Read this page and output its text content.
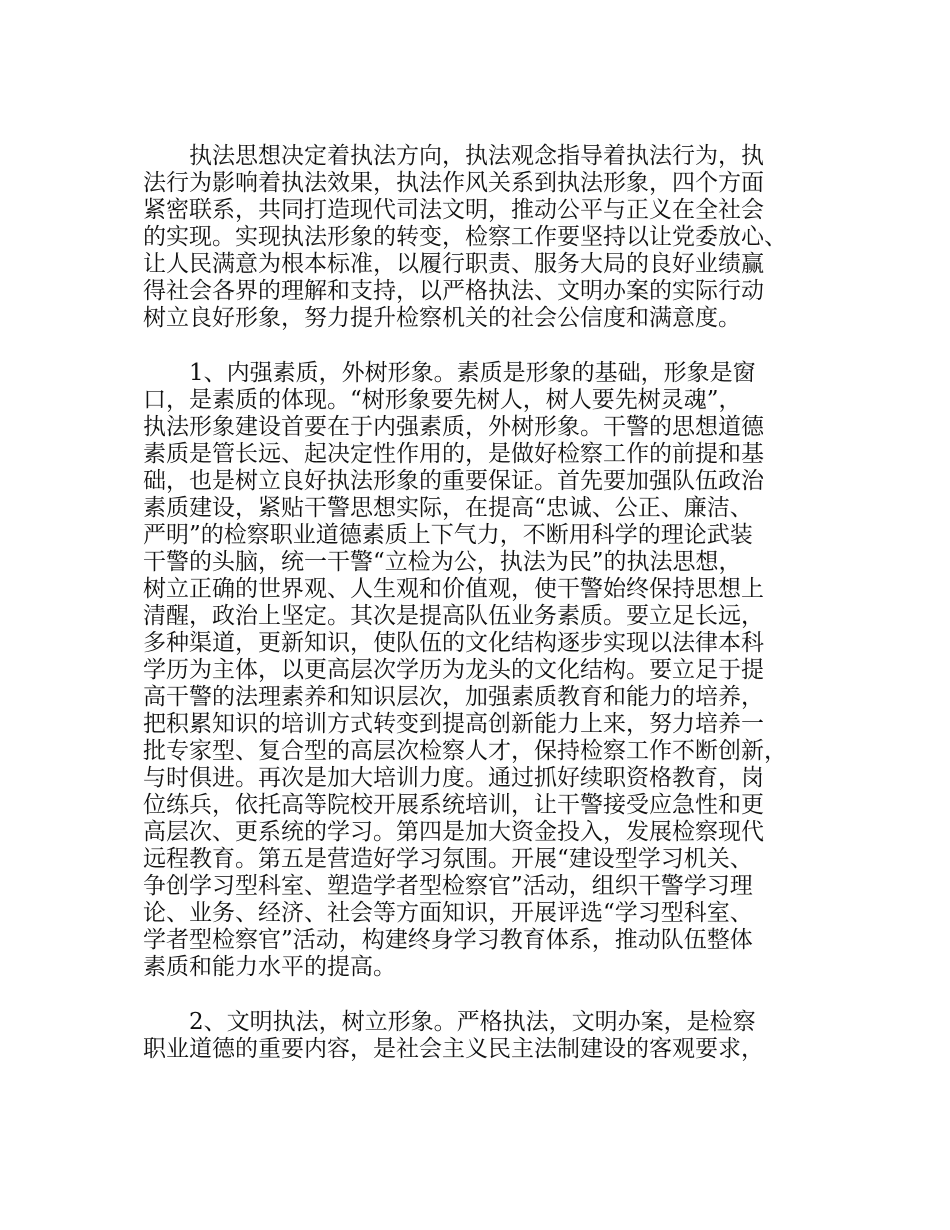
　　执法思想决定着执法方向，执法观念指导着执法行为，执
法行为影响着执法效果，执法作风关系到执法形象，四个方面
紧密联系，共同打造现代司法文明，推动公平与正义在全社会
的实现。实现执法形象的转变，检察工作要坚持以让党委放心、
让人民满意为根本标准，以履行职责、服务大局的良好业绩赢
得社会各界的理解和支持，以严格执法、文明办案的实际行动
树立良好形象，努力提升检察机关的社会公信度和满意度。

　　1、内强素质，外树形象。素质是形象的基础，形象是窗
口，是素质的体现。“树形象要先树人，树人要先树灵魂”，
执法形象建设首要在于内强素质，外树形象。干警的思想道德
素质是管长远、起决定性作用的，是做好检察工作的前提和基
础，也是树立良好执法形象的重要保证。首先要加强队伍政治
素质建设，紧贴干警思想实际，在提高“忠诚、公正、廉洁、
严明”的检察职业道德素质上下气力，不断用科学的理论武装
干警的头脑，统一干警“立检为公，执法为民”的执法思想，
树立正确的世界观、人生观和价值观，使干警始终保持思想上
清醒，政治上坚定。其次是提高队伍业务素质。要立足长远，
多种渠道，更新知识，使队伍的文化结构逐步实现以法律本科
学历为主体，以更高层次学历为龙头的文化结构。要立足于提
高干警的法理素养和知识层次，加强素质教育和能力的培养，
把积累知识的培训方式转变到提高创新能力上来，努力培养一
批专家型、复合型的高层次检察人才，保持检察工作不断创新，
与时俱进。再次是加大培训力度。通过抓好续职资格教育，岗
位练兵，依托高等院校开展系统培训，让干警接受应急性和更
高层次、更系统的学习。第四是加大资金投入，发展检察现代
远程教育。第五是营造好学习氛围。开展“建设型学习机关、
争创学习型科室、塑造学者型检察官”活动，组织干警学习理
论、业务、经济、社会等方面知识，开展评选“学习型科室、
学者型检察官”活动，构建终身学习教育体系，推动队伍整体
素质和能力水平的提高。

　　2、文明执法，树立形象。严格执法，文明办案，是检察
职业道德的重要内容，是社会主义民主法制建设的客观要求，
